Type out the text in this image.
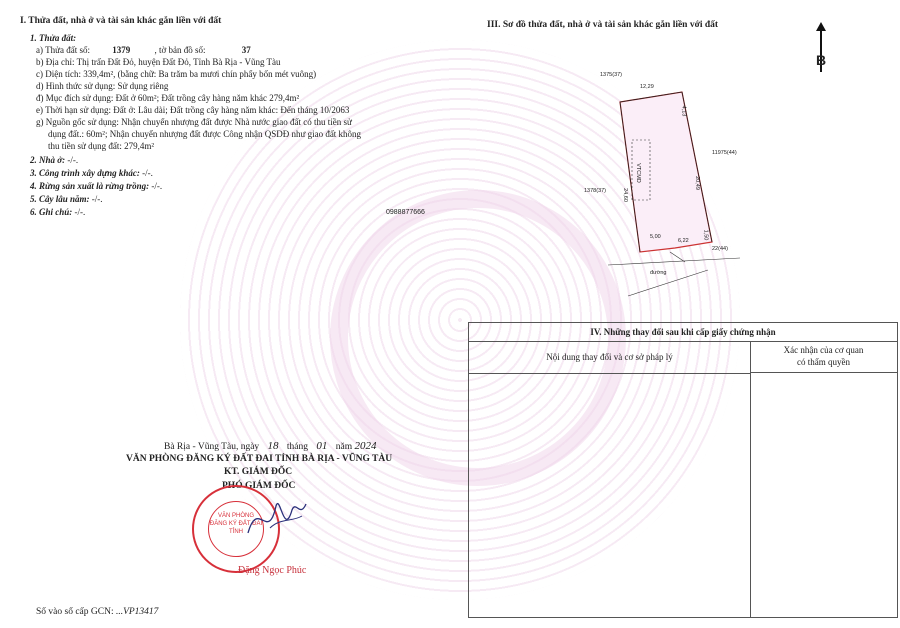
I. Thửa đất, nhà ở và tài sản khác gắn liền với đất
1. Thửa đất:
a) Thửa đất số: 1379	, tờ bản đồ số:	37
b) Địa chỉ: Thị trấn Đất Đỏ, huyện Đất Đỏ, Tỉnh Bà Rịa - Vũng Tàu
c) Diện tích: 339,4m², (bằng chữ: Ba trăm ba mươi chín phẩy bốn mét vuông)
d) Hình thức sử dụng: Sử dụng riêng
đ) Mục đích sử dụng: Đất ở 60m²; Đất trồng cây hàng năm khác 279,4m²
e) Thời hạn sử dụng: Đất ở: Lâu dài; Đất trồng cây hàng năm khác: Đến tháng 10/2063
g) Nguồn gốc sử dụng: Nhận chuyển nhượng đất được Nhà nước giao đất có thu tiền sử
dụng đất.: 60m²; Nhận chuyển nhượng đất được Công nhận QSDĐ như giao đất không
thu tiền sử dụng đất: 279,4m²
2. Nhà ở: -/-.
3. Công trình xây dựng khác: -/-.
4. Rừng sản xuất là rừng trồng: -/-.
5. Cây lâu năm: -/-.
6. Ghi chú: -/-.	0988877666
III. Sơ đồ thửa đất, nhà ở và tài sản khác gắn liền với đất
B
1375(37)
12,29
4,13
11975(44)
20,49
1378(37)	24,60
VTCMD
5,00
6,22
1,50
22(44)
đường
IV. Những thay đổi sau khi cấp giấy chứng nhận
Nội dung thay đổi và cơ sở pháp lý
Xác nhận của cơ quan
có thẩm quyền
Bà Rịa - Vũng Tàu, ngày 18 tháng 01 năm 2024
VĂN PHÒNG ĐĂNG KÝ ĐẤT ĐAI TỈNH BÀ RỊA - VŨNG TÀU
KT. GIÁM ĐỐC
PHÓ GIÁM ĐỐC
VĂN PHÒNG ĐĂNG KÝ ĐẤT ĐAI TỈNH
Đặng Ngọc Phúc
Số vào sổ cấp GCN: ...VP13417
